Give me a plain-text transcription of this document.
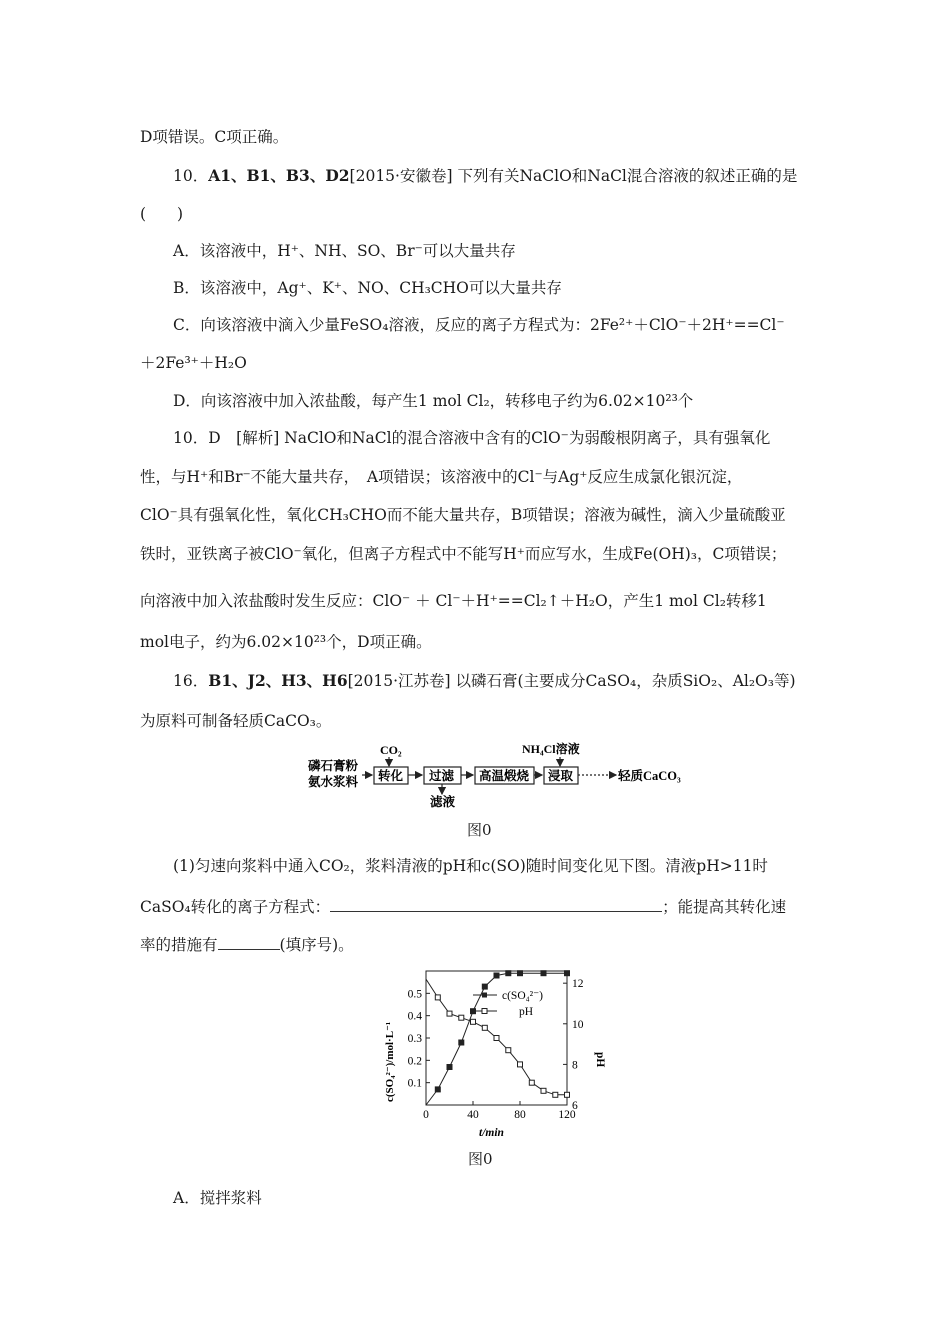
D项错误。C项正确。
10．A1、B1、B3、D2[2015·安徽卷] 下列有关NaClO和NaCl混合溶液的叙述正确的是
(　　)
A．该溶液中，H⁺、NH、SO、Br⁻可以大量共存
B．该溶液中，Ag⁺、K⁺、NO、CH₃CHO可以大量共存
C．向该溶液中滴入少量FeSO₄溶液，反应的离子方程式为：2Fe²⁺＋ClO⁻＋2H⁺==Cl⁻
＋2Fe³⁺＋H₂O
D．向该溶液中加入浓盐酸，每产生1 mol Cl₂，转移电子约为6.02×10²³个
10．D　[解析] NaClO和NaCl的混合溶液中含有的ClO⁻为弱酸根阴离子，具有强氧化
性，与H⁺和Br⁻不能大量共存，　A项错误；该溶液中的Cl⁻与Ag⁺反应生成氯化银沉淀，
ClO⁻具有强氧化性，氧化CH₃CHO而不能大量共存，B项错误；溶液为碱性，滴入少量硫酸亚
铁时，亚铁离子被ClO⁻氧化，但离子方程式中不能写H⁺而应写水，生成Fe(OH)₃，C项错误；
向溶液中加入浓盐酸时发生反应：ClO⁻ ＋ Cl⁻＋H⁺==Cl₂↑＋H₂O，产生1 mol Cl₂转移1
mol电子，约为6.02×10²³个，D项正确。
16．B1、J2、H3、H6[2015·江苏卷] 以磷石膏(主要成分CaSO₄，杂质SiO₂、Al₂O₃等)
为原料可制备轻质CaCO₃。
磷石膏粉
氨水浆料
CO₂
转化 过滤
滤液
高温煅烧
NH₄Cl溶液
浸取	轻质CaCO₃
图0
(1)匀速向浆料中通入CO₂，浆料清液的pH和c(SO)随时间变化见下图。清液pH>11时
CaSO₄转化的离子方程式：	；能提高其转化速
率的措施有	(填序号)。
0	40	80	120
0.1
0.2
0.3
0.4
0.5
6
8
10
12
t/min
c(SO₄²⁻)/mol·L⁻¹	pH
c(SO₄²⁻)
pH
图0
A．搅拌浆料
